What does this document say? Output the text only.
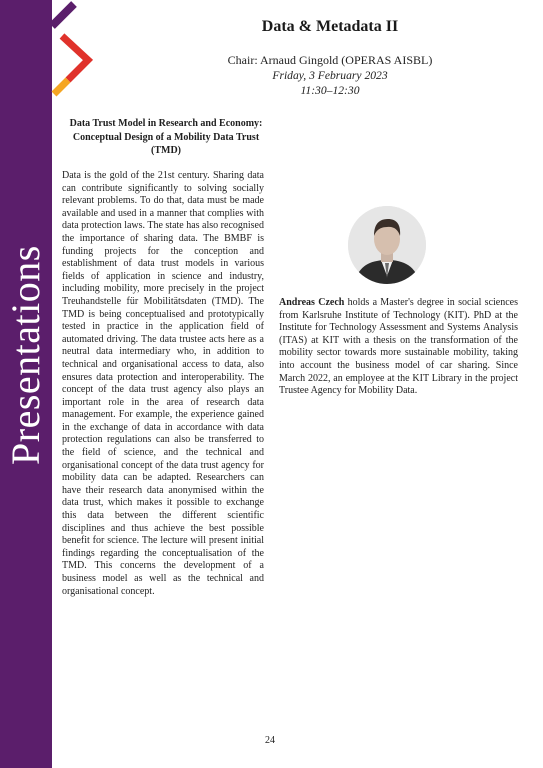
Presentations
Data & Metadata II
Chair: Arnaud Gingold (OPERAS AISBL)
Friday, 3 February 2023
11:30–12:30
Data Trust Model in Research and Economy: Conceptual Design of a Mobility Data Trust (TMD)
Data is the gold of the 21st century. Sharing data can contribute significantly to solving socially relevant problems. To do that, data must be made available and used in a manner that complies with data protection laws. The state has also recognised the importance of sharing data. The BMBF is funding projects for the conception and establishment of data trust models in various fields of application in science and industry, including mobility, more precisely in the project Treuhandstelle für Mobilitätsdaten (TMD). The TMD is being conceptualised and prototypically tested in practice in the application field of automated driving. The data trustee acts here as a neutral data intermediary who, in addition to technical and organisational access to data, also ensures data protection and interoperability. The concept of the data trust agency also plays an important role in the area of research data management. For example, the experience gained in the exchange of data in accordance with data protection regulations can also be transferred to the field of science, and the technical and organisational concept of the data trust agency for mobility data can be adapted. Researchers can have their research data anonymised within the data trust, which makes it possible to exchange this data between the different scientific disciplines and thus achieve the best possible benefit for science. The lecture will present initial findings regarding the conceptualisation of the TMD. This concerns the development of a business model as well as the technical and organisational concept.
Andreas Czech holds a Master's degree in social sciences from Karlsruhe Institute of Technology (KIT). PhD at the Institute for Technology Assessment and Systems Analysis (ITAS) at KIT with a thesis on the transformation of the mobility sector towards more sustainable mobility, taking into account the business model of car sharing. Since March 2022, an employee at the KIT Library in the project Trustee Agency for Mobility Data.
24
